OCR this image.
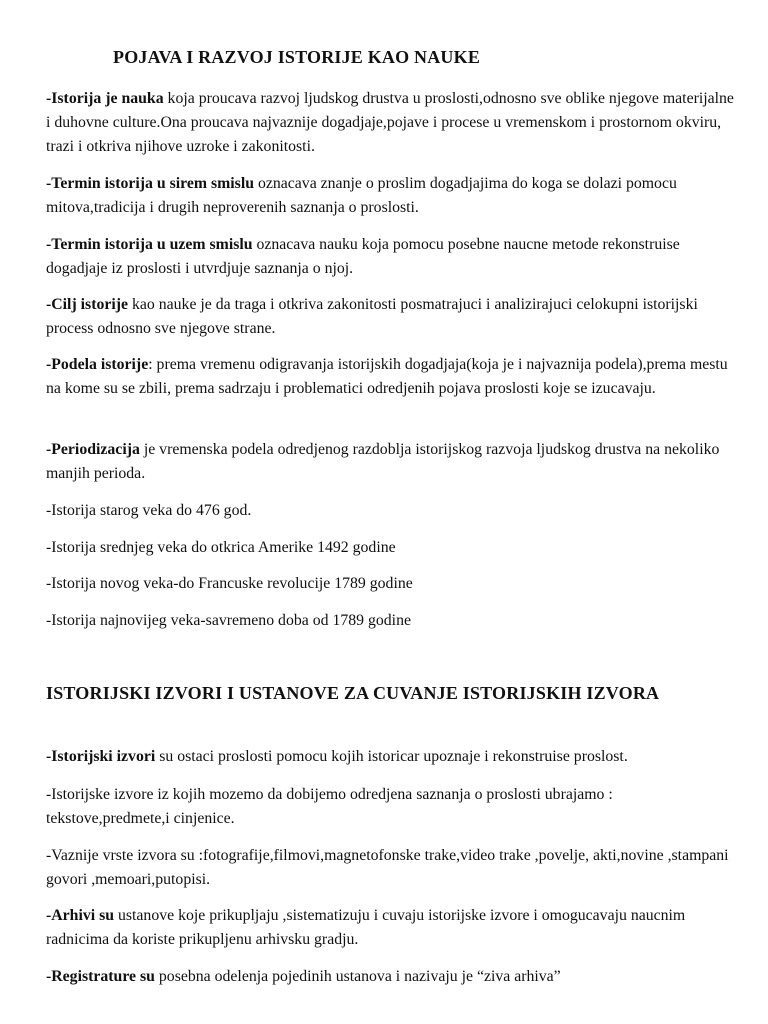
POJAVA I RAZVOJ ISTORIJE KAO NAUKE

-Istorija je nauka koja proucava razvoj ljudskog drustva u proslosti,odnosno sve oblike njegove materijalne i duhovne culture.Ona proucava najvaznije dogadjaje,pojave i procese u vremenskom i prostornom okviru, trazi i otkriva njihove uzroke i zakonitosti.

-Termin istorija u sirem smislu oznacava znanje o proslim dogadjajima do koga se dolazi pomocu mitova,tradicija i drugih neproverenih saznanja o proslosti.

-Termin istorija u uzem smislu oznacava nauku koja pomocu posebne naucne metode rekonstruise dogadjaje iz proslosti i utvrdjuje saznanja o njoj.

-Cilj istorije kao nauke je da traga i otkriva zakonitosti posmatrajuci i analizirajuci celokupni istorijski process odnosno sve njegove strane.

-Podela istorije: prema vremenu odigravanja istorijskih dogadjaja(koja je i najvaznija podela),prema mestu na kome su se zbili, prema sadrzaju i problematici odredjenih pojava proslosti koje se izucavaju.

-Periodizacija je vremenska podela odredjenog razdoblja istorijskog razvoja ljudskog drustva na nekoliko manjih perioda.

-Istorija starog veka do 476 god.

-Istorija srednjeg veka do otkrica Amerike 1492 godine

-Istorija novog veka-do Francuske revolucije 1789 godine

-Istorija najnovijeg veka-savremeno doba od 1789 godine

ISTORIJSKI IZVORI I USTANOVE ZA CUVANJE ISTORIJSKIH IZVORA

-Istorijski izvori su ostaci proslosti pomocu kojih istoricar upoznaje i rekonstruise proslost.

-Istorijske izvore iz kojih mozemo da dobijemo odredjena saznanja o proslosti ubrajamo : tekstove,predmete,i cinjenice.

-Vaznije vrste izvora su :fotografije,filmovi,magnetofonske trake,video trake ,povelje, akti,novine ,stampani govori ,memoari,putopisi.

-Arhivi su ustanove koje prikupljaju ,sistematizuju i cuvaju istorijske izvore i omogucavaju naucnim radnicima da koriste prikupljenu arhivsku gradju.

-Registrature su posebna odelenja pojedinih ustanova i nazivaju je “ziva arhiva”
